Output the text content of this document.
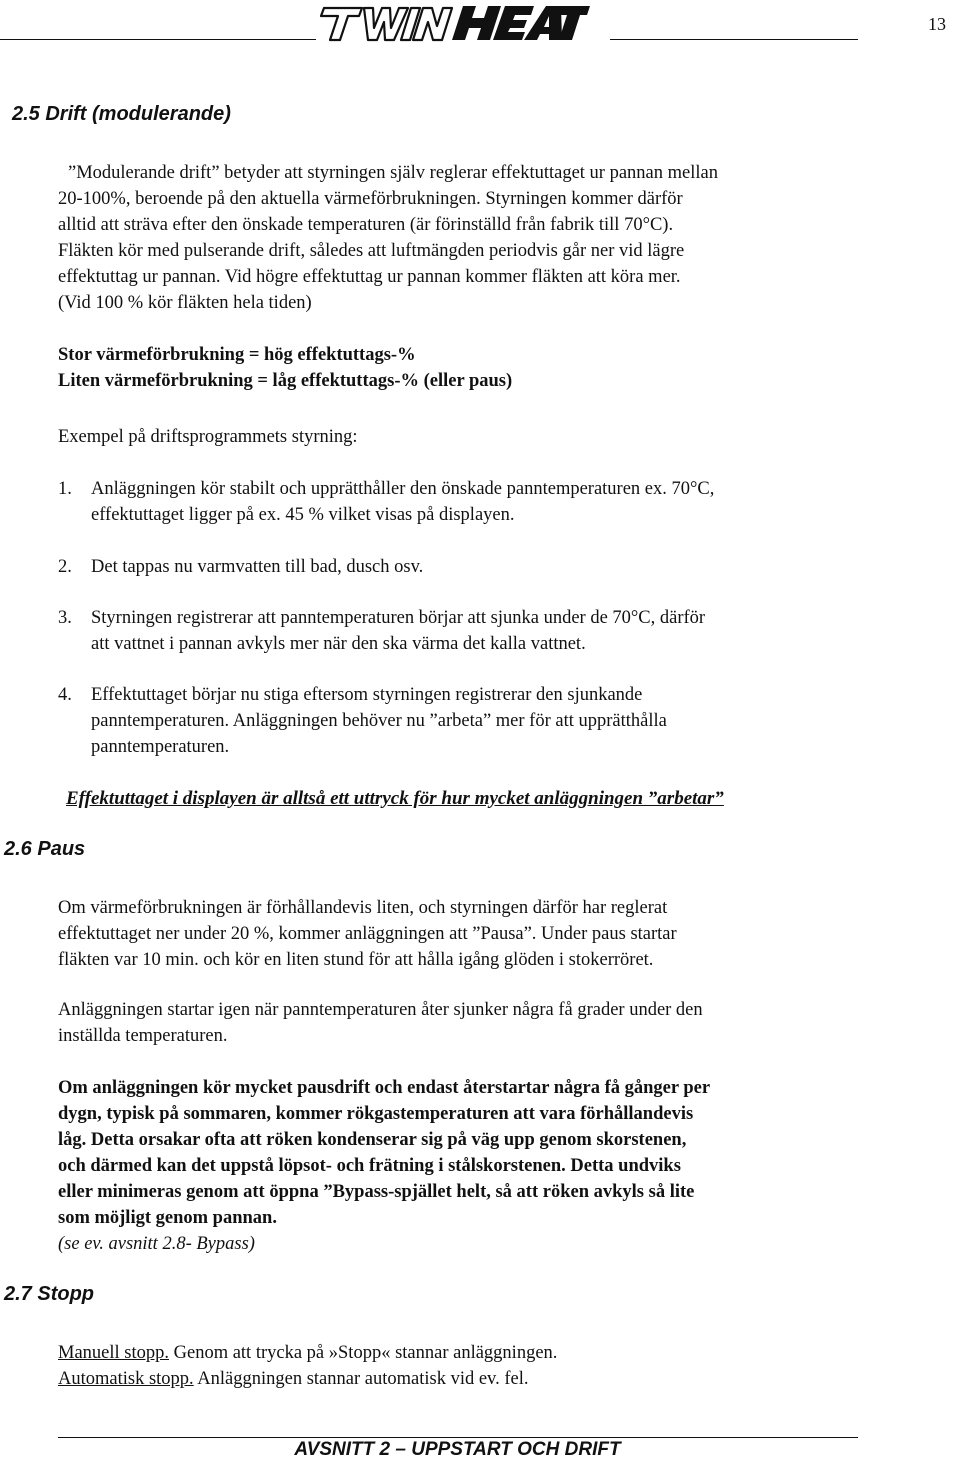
13
2.5 Drift (modulerande)
”Modulerande drift” betyder att styrningen själv reglerar effektuttaget ur pannan mellan
20-100%, beroende på den aktuella värmeförbrukningen. Styrningen kommer därför
alltid att sträva efter den önskade temperaturen (är förinställd från fabrik till 70°C).
Fläkten kör med pulserande drift, således att luftmängden periodvis går ner vid lägre
effektuttag ur pannan. Vid högre effektuttag ur pannan kommer fläkten att köra mer.
(Vid 100 % kör fläkten hela tiden)
Stor värmeförbrukning = hög effektuttags-%
Liten värmeförbrukning = låg effektuttags-% (eller paus)
Exempel på driftsprogrammets styrning:
1. Anläggningen kör stabilt och upprätthåller den önskade panntemperaturen ex. 70°C,
effektuttaget ligger på ex. 45 % vilket visas på displayen.
2. Det tappas nu varmvatten till bad, dusch osv.
3. Styrningen registrerar att panntemperaturen börjar att sjunka under de 70°C, därför
att vattnet i pannan avkyls mer när den ska värma det kalla vattnet.
4. Effektuttaget börjar nu stiga eftersom styrningen registrerar den sjunkande
panntemperaturen. Anläggningen behöver nu ”arbeta” mer för att upprätthålla
panntemperaturen.
Effektuttaget i displayen är alltså ett uttryck för hur mycket anläggningen ”arbetar”
2.6 Paus
Om värmeförbrukningen är förhållandevis liten, och styrningen därför har reglerat
effektuttaget ner under 20 %, kommer anläggningen att ”Pausa”. Under paus startar
fläkten var 10 min. och kör en liten stund för att hålla igång glöden i stokerröret.
Anläggningen startar igen när panntemperaturen åter sjunker några få grader under den
inställda temperaturen.
Om anläggningen kör mycket pausdrift och endast återstartar några få gånger per
dygn, typisk på sommaren, kommer rökgastemperaturen att vara förhållandevis
låg. Detta orsakar ofta att röken kondenserar sig på väg upp genom skorstenen,
och därmed kan det uppstå löpsot- och frätning i stålskorstenen. Detta undviks
eller minimeras genom att öppna ”Bypass-spjället helt, så att röken avkyls så lite
som möjligt genom pannan.
(se ev. avsnitt 2.8- Bypass)
2.7 Stopp
Manuell stopp. Genom att trycka på »Stopp« stannar anläggningen.
Automatisk stopp. Anläggningen stannar automatisk vid ev. fel.
AVSNITT 2 – UPPSTART OCH DRIFT
